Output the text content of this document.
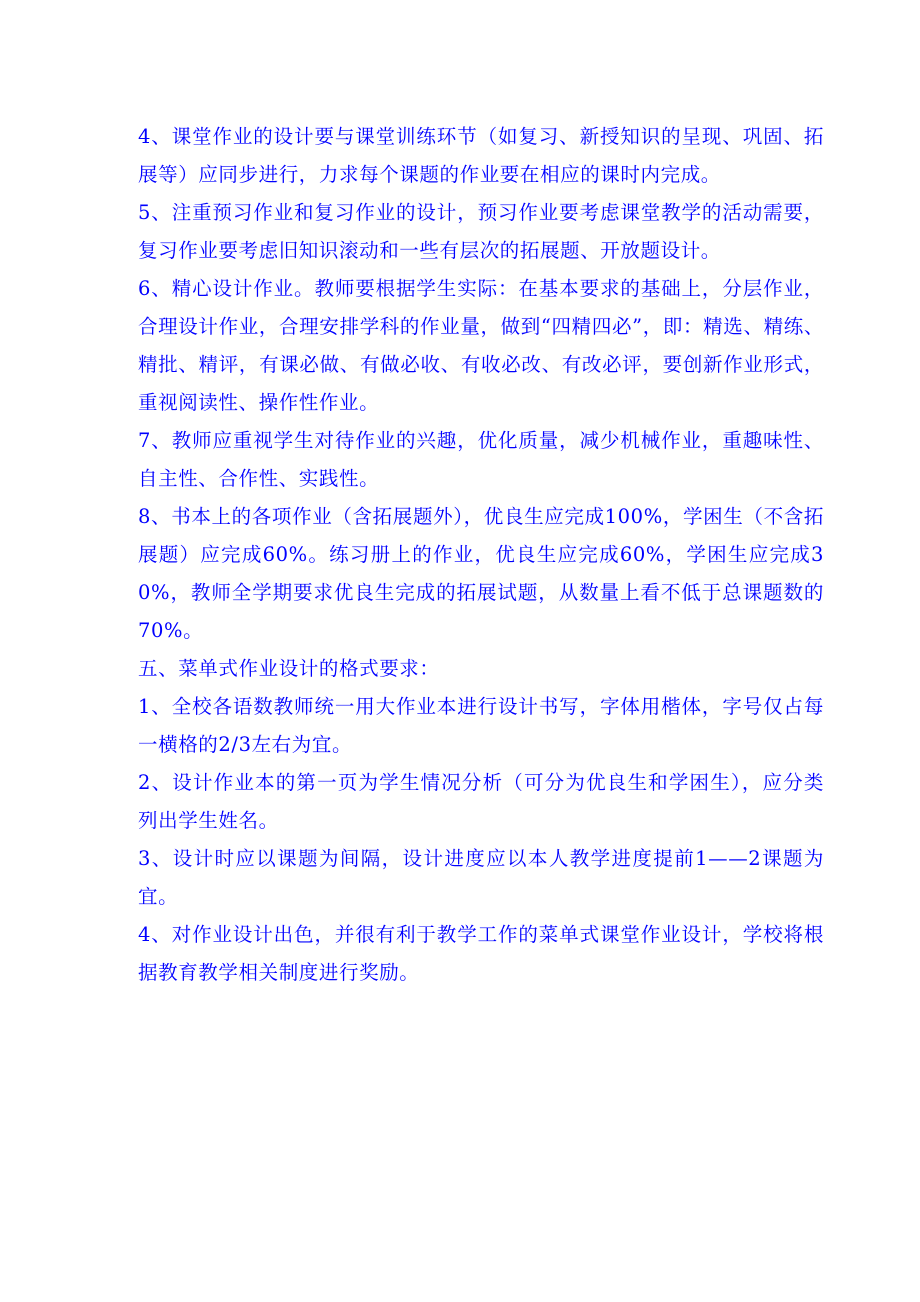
4、课堂作业的设计要与课堂训练环节（如复习、新授知识的呈现、巩固、拓展等）应同步进行，力求每个课题的作业要在相应的课时内完成。

5、注重预习作业和复习作业的设计，预习作业要考虑课堂教学的活动需要，复习作业要考虑旧知识滚动和一些有层次的拓展题、开放题设计。

6、精心设计作业。教师要根据学生实际：在基本要求的基础上，分层作业，合理设计作业，合理安排学科的作业量，做到“四精四必”，即：精选、精练、精批、精评，有课必做、有做必收、有收必改、有改必评，要创新作业形式，重视阅读性、操作性作业。

7、教师应重视学生对待作业的兴趣，优化质量，减少机械作业，重趣味性、自主性、合作性、实践性。

8、书本上的各项作业（含拓展题外），优良生应完成100%，学困生（不含拓展题）应完成60%。练习册上的作业，优良生应完成60%，学困生应完成30%，教师全学期要求优良生完成的拓展试题，从数量上看不低于总课题数的70%。

五、菜单式作业设计的格式要求：

1、全校各语数教师统一用大作业本进行设计书写，字体用楷体，字号仅占每一横格的2/3左右为宜。

2、设计作业本的第一页为学生情况分析（可分为优良生和学困生），应分类列出学生姓名。

3、设计时应以课题为间隔，设计进度应以本人教学进度提前1——2课题为宜。

4、对作业设计出色，并很有利于教学工作的菜单式课堂作业设计，学校将根据教育教学相关制度进行奖励。
